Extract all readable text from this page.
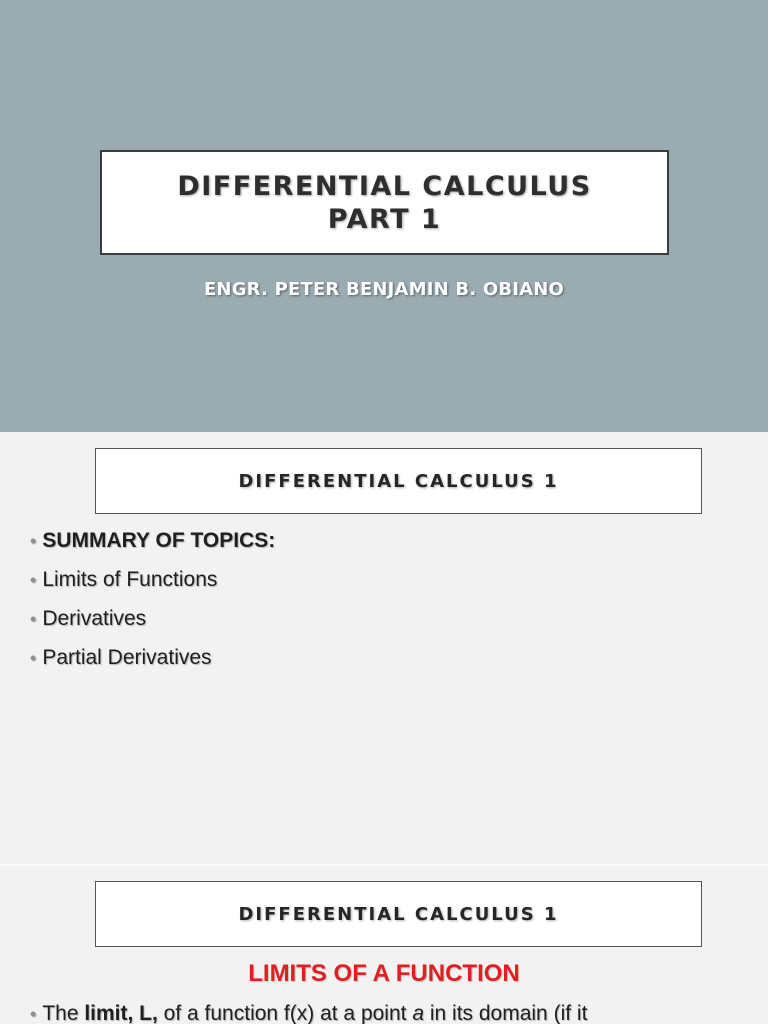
DIFFERENTIAL CALCULUS
PART 1
ENGR. PETER BENJAMIN B. OBIANO
DIFFERENTIAL CALCULUS 1
• SUMMARY OF TOPICS:
• Limits of Functions
• Derivatives
• Partial Derivatives
DIFFERENTIAL CALCULUS 1
LIMITS OF A FUNCTION
• The limit, L, of a function f(x) at a point a in its domain (if it
